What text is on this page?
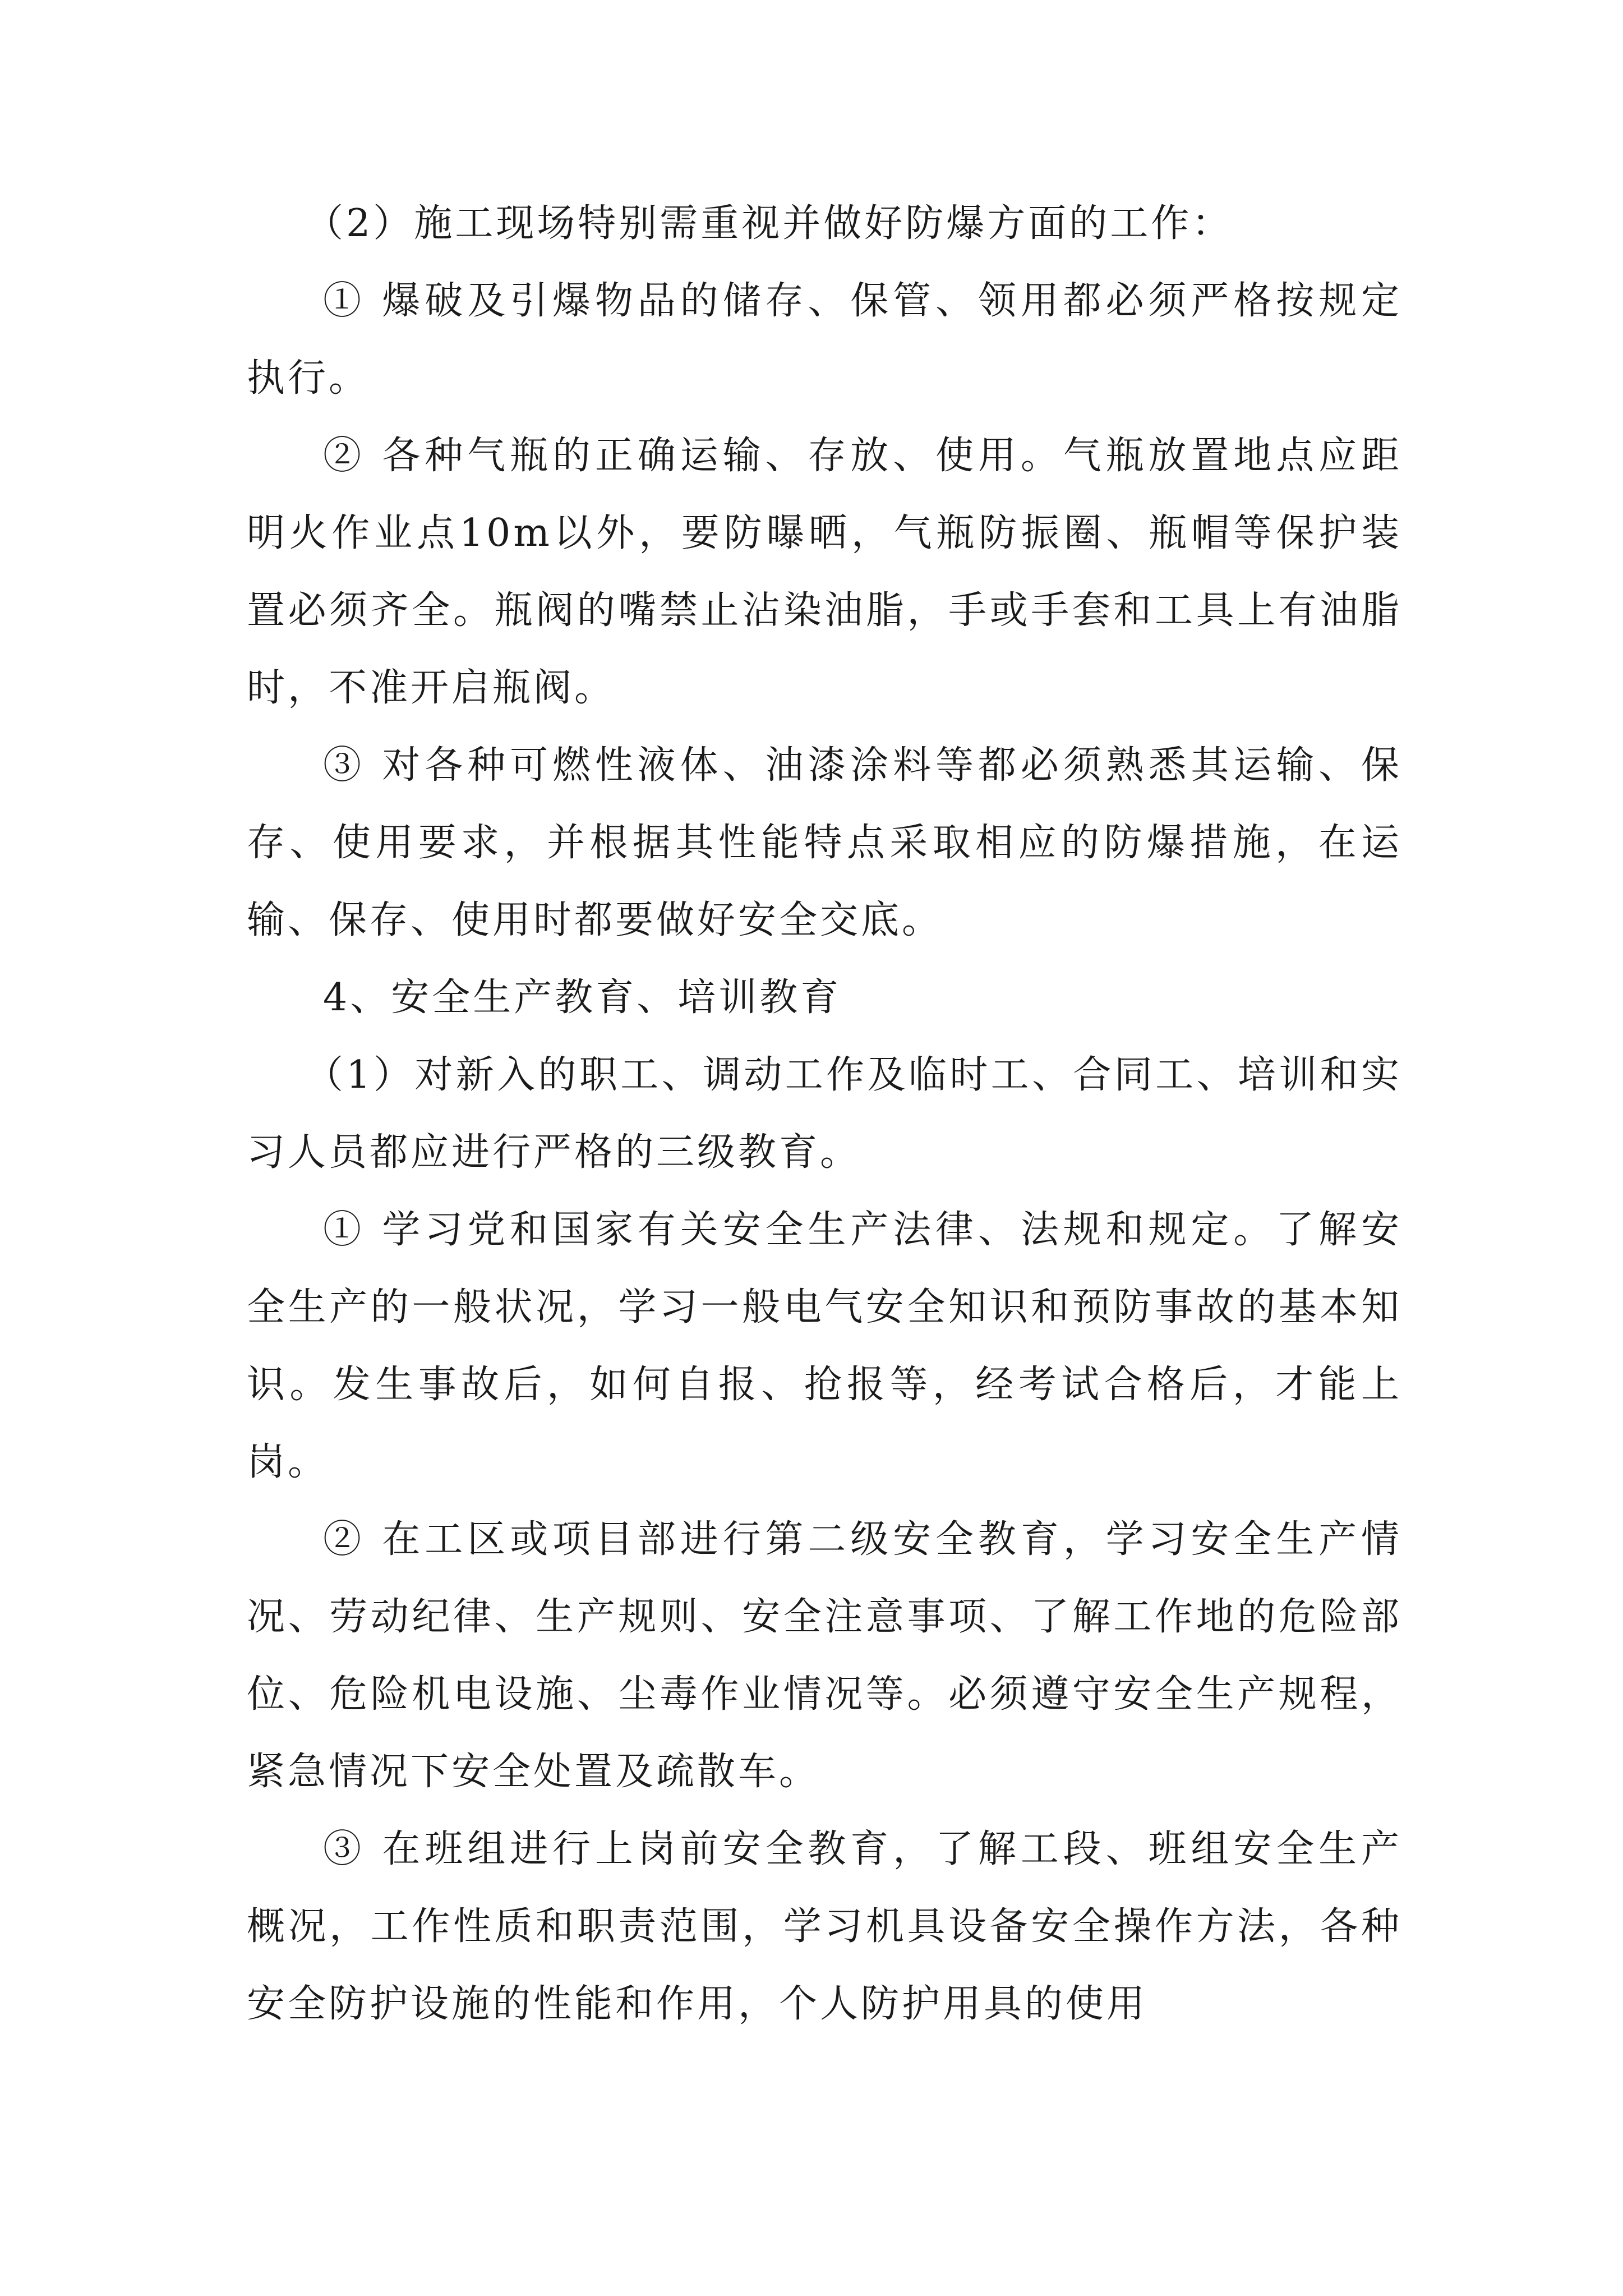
（2）施工现场特别需重视并做好防爆方面的工作：

① 爆破及引爆物品的储存、保管、领用都必须严格按规定执行。

② 各种气瓶的正确运输、存放、使用。气瓶放置地点应距明火作业点10m以外，要防曝晒，气瓶防振圈、瓶帽等保护装置必须齐全。瓶阀的嘴禁止沾染油脂，手或手套和工具上有油脂时，不准开启瓶阀。

③ 对各种可燃性液体、油漆涂料等都必须熟悉其运输、保存、使用要求，并根据其性能特点采取相应的防爆措施，在运输、保存、使用时都要做好安全交底。

4、安全生产教育、培训教育

（1）对新入的职工、调动工作及临时工、合同工、培训和实习人员都应进行严格的三级教育。

① 学习党和国家有关安全生产法律、法规和规定。了解安全生产的一般状况，学习一般电气安全知识和预防事故的基本知识。发生事故后，如何自报、抢报等，经考试合格后，才能上岗。

② 在工区或项目部进行第二级安全教育，学习安全生产情况、劳动纪律、生产规则、安全注意事项、了解工作地的危险部位、危险机电设施、尘毒作业情况等。必须遵守安全生产规程，紧急情况下安全处置及疏散车。

③ 在班组进行上岗前安全教育，了解工段、班组安全生产概况，工作性质和职责范围，学习机具设备安全操作方法，各种安全防护设施的性能和作用，个人防护用具的使用
